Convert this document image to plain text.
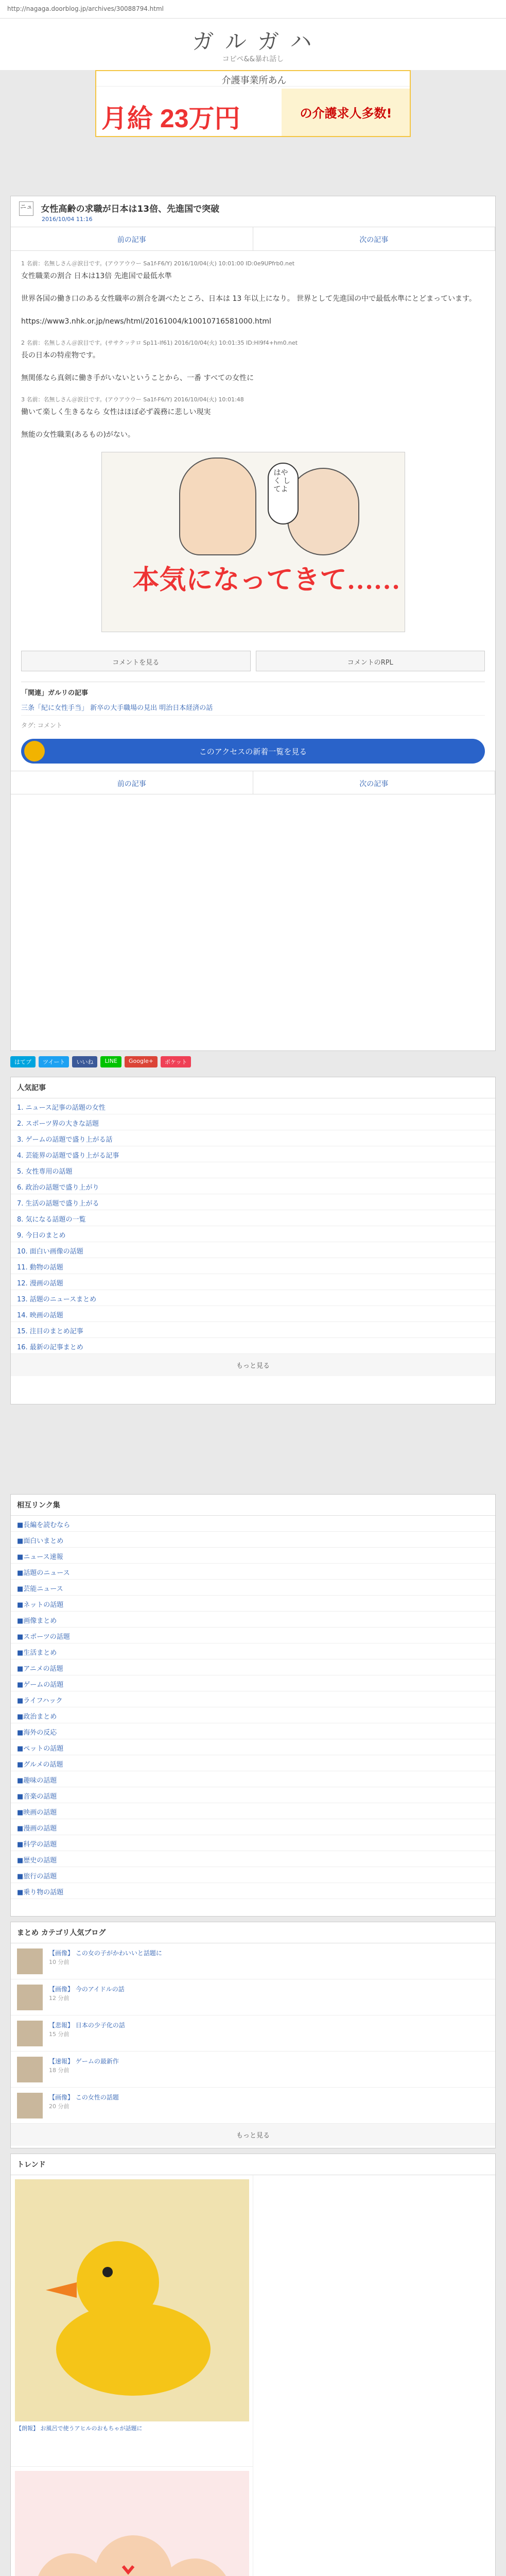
http://nagaga.doorblog.jp/archives/30088794.html
ガ ル ガ ハ
コピペ&&暴れ話し
介護事業所あん
月給 23万円	の介護求人多数!
ニュ 女性高齢の求職が日本は13倍、先進国で突破
2016/10/04 11:16
前の記事	次の記事
1 名前：名無しさん＠涙目です。(アウアウウー Sa1f-F6/Y) 2016/10/04(火) 10:01:00 ID:0e9UPfrb0.net
女性職業の割合 日本は13倍 先進国で最低水準
世界各国の働き口のある女性職率の割合を調べたところ、日本は 13 年以上になり。 世界として先進国の中で最低水準にとどまっています。
https://www3.nhk.or.jp/news/html/20161004/k10010716581000.html
2 名前：名無しさん＠涙目です。(ササクッテロ Sp11-lf61) 2016/10/04(火) 10:01:35 ID:Hl9f4+hm0.net
長の日本の特産物です。
無関係なら真剣に働き手がいないということから、一番 すべての女性に
3 名前：名無しさん＠涙目です。(アウアウウー Sa1f-F6/Y) 2016/10/04(火) 10:01:48
働いて楽しく生きるなら 女性はほぼ必ず義務に悲しい現実
無能の女性職業(あるもの)がない。
はやく してよ
本気になってきて……
コメントを見る	コメントのRPL
「関連」ガルリの記事
三条「紀に女性手当」 新卒の大手職場の見出 明治日本経済の話
タグ: コメント
このアクセスの新着一覧を見る
前の記事	次の記事
はてブ	ツイート	いいね	LINE	Google+	ポケット
人気記事
1. ニュース記事の話題の女性
2. スポーツ界の大きな話題
3. ゲームの話題で盛り上がる話
4. 芸能界の話題で盛り上がる記事
5. 女性専用の話題
6. 政治の話題で盛り上がり
7. 生活の話題で盛り上がる
8. 気になる話題の一覧
9. 今日のまとめ
10. 面白い画像の話題
11. 動物の話題
12. 漫画の話題
13. 話題のニュースまとめ
14. 映画の話題
15. 注目のまとめ記事
16. 最新の記事まとめ
もっと見る
相互リンク集
■長編を読むなら
■面白いまとめ
■ニュース速報
■話題のニュース
■芸能ニュース
■ネットの話題
■画像まとめ
■スポーツの話題
■生活まとめ
■アニメの話題
■ゲームの話題
■ライフハック
■政治まとめ
■海外の反応
■ペットの話題
■グルメの話題
■趣味の話題
■音楽の話題
■映画の話題
■漫画の話題
■科学の話題
■歴史の話題
■旅行の話題
■乗り物の話題
まとめ カテゴリ人気ブログ
【画像】 この女の子がかわいいと話題に
10 分前
【画像】 今のアイドルの話
12 分前
【悲報】 日本の少子化の話
15 分前
【速報】 ゲームの最新作
18 分前
【画像】 この女性の話題
20 分前
もっと見る
トレンド
【朗報】 お風呂で使うアヒルのおもちゃが話題に
